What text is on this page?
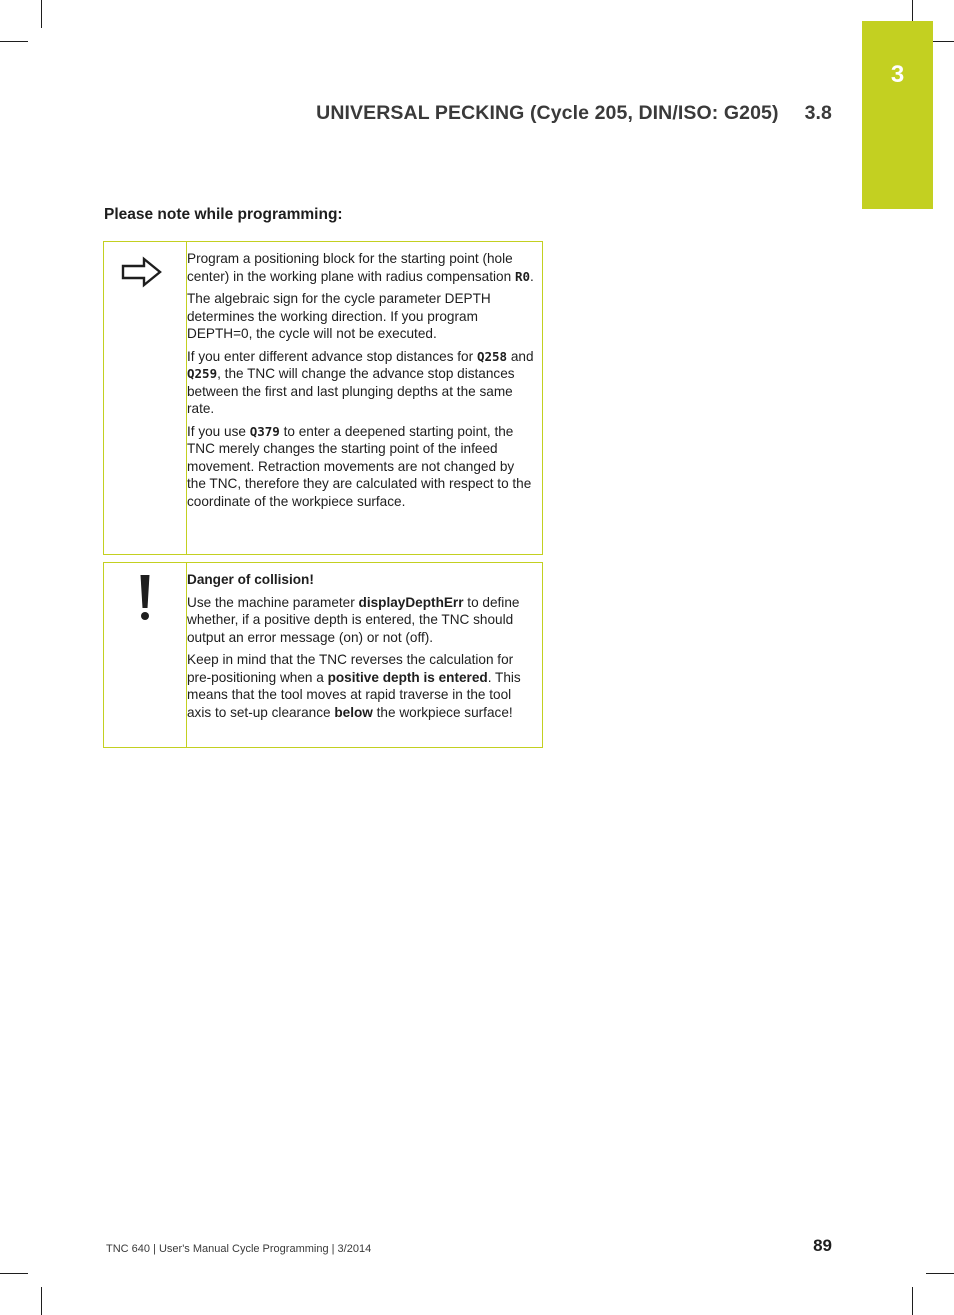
3
UNIVERSAL PECKING (Cycle 205, DIN/ISO: G205) 3.8
Please note while programming:

Program a positioning block for the starting point (hole center) in the working plane with radius compensation R0.

The algebraic sign for the cycle parameter DEPTH determines the working direction. If you program DEPTH=0, the cycle will not be executed.

If you enter different advance stop distances for Q258 and Q259, the TNC will change the advance stop distances between the first and last plunging depths at the same rate.

If you use Q379 to enter a deepened starting point, the TNC merely changes the starting point of the infeed movement. Retraction movements are not changed by the TNC, therefore they are calculated with respect to the coordinate of the workpiece surface.

Danger of collision!

Use the machine parameter displayDepthErr to define whether, if a positive depth is entered, the TNC should output an error message (on) or not (off).

Keep in mind that the TNC reverses the calculation for pre-positioning when a positive depth is entered. This means that the tool moves at rapid traverse in the tool axis to set-up clearance below the workpiece surface!

TNC 640 | User's Manual Cycle Programming | 3/2014	89
